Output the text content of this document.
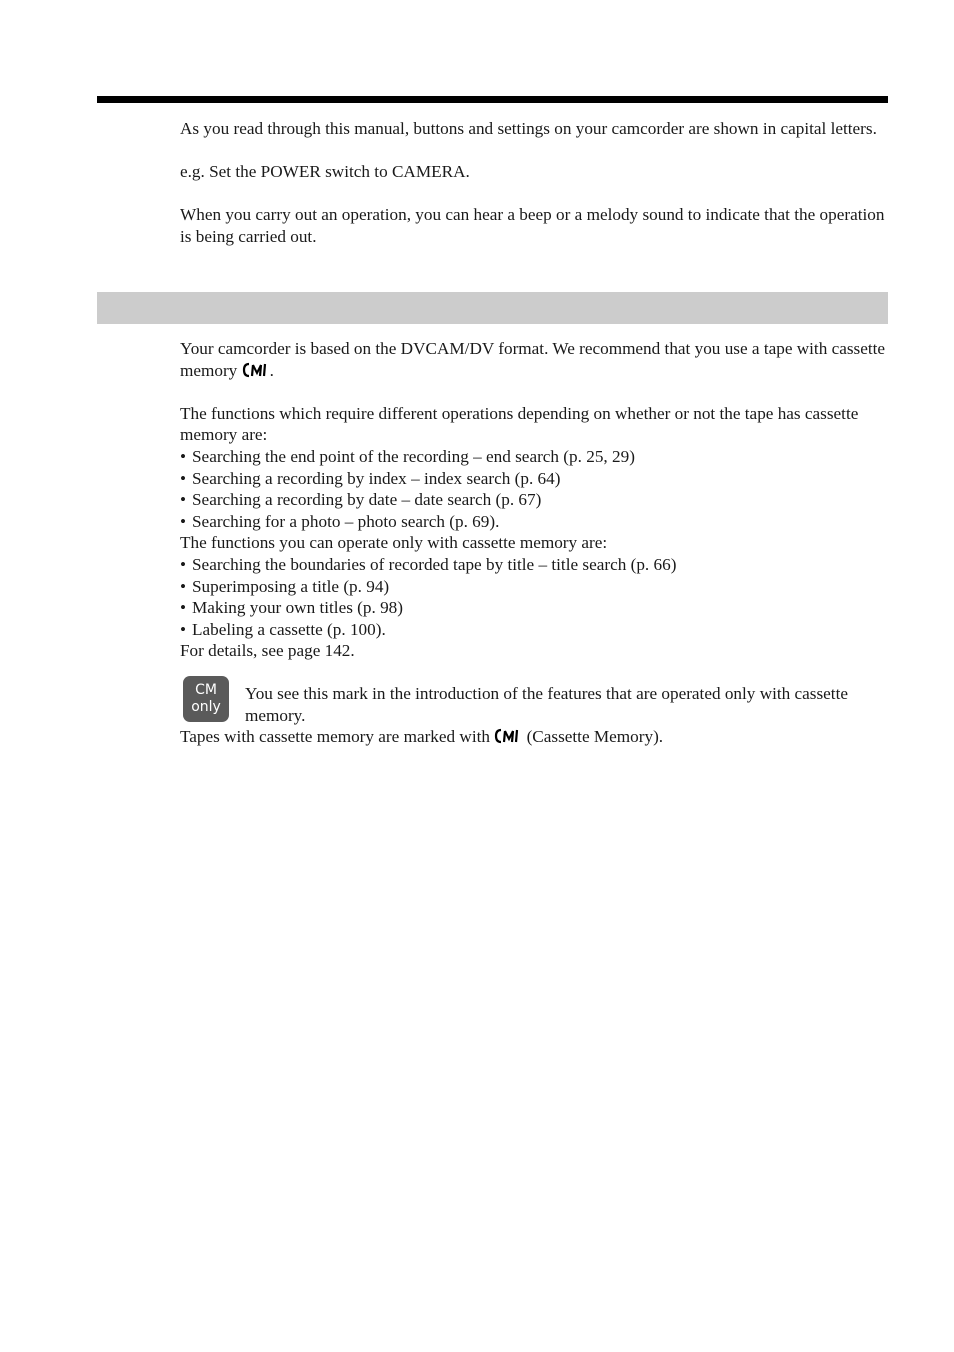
As you read through this manual, buttons and settings on your camcorder are shown in capital letters.

e.g. Set the POWER switch to CAMERA.

When you carry out an operation, you can hear a beep or a melody sound to indicate that the operation is being carried out.

Your camcorder is based on the DVCAM/DV format. We recommend that you use a tape with cassette memory .

The functions which require different operations depending on whether or not the tape has cassette memory are:

• Searching the end point of the recording – end search (p. 25, 29)
• Searching a recording by index – index search (p. 64)
• Searching a recording by date – date search (p. 67)
• Searching for a photo – photo search (p. 69).

The functions you can operate only with cassette memory are:

• Searching the boundaries of recorded tape by title – title search (p. 66)
• Superimposing a title (p. 94)
• Making your own titles (p. 98)
• Labeling a cassette (p. 100).

For details, see page 142.

CM
only

You see this mark in the introduction of the features that are operated only with cassette memory.

Tapes with cassette memory are marked with  (Cassette Memory).
